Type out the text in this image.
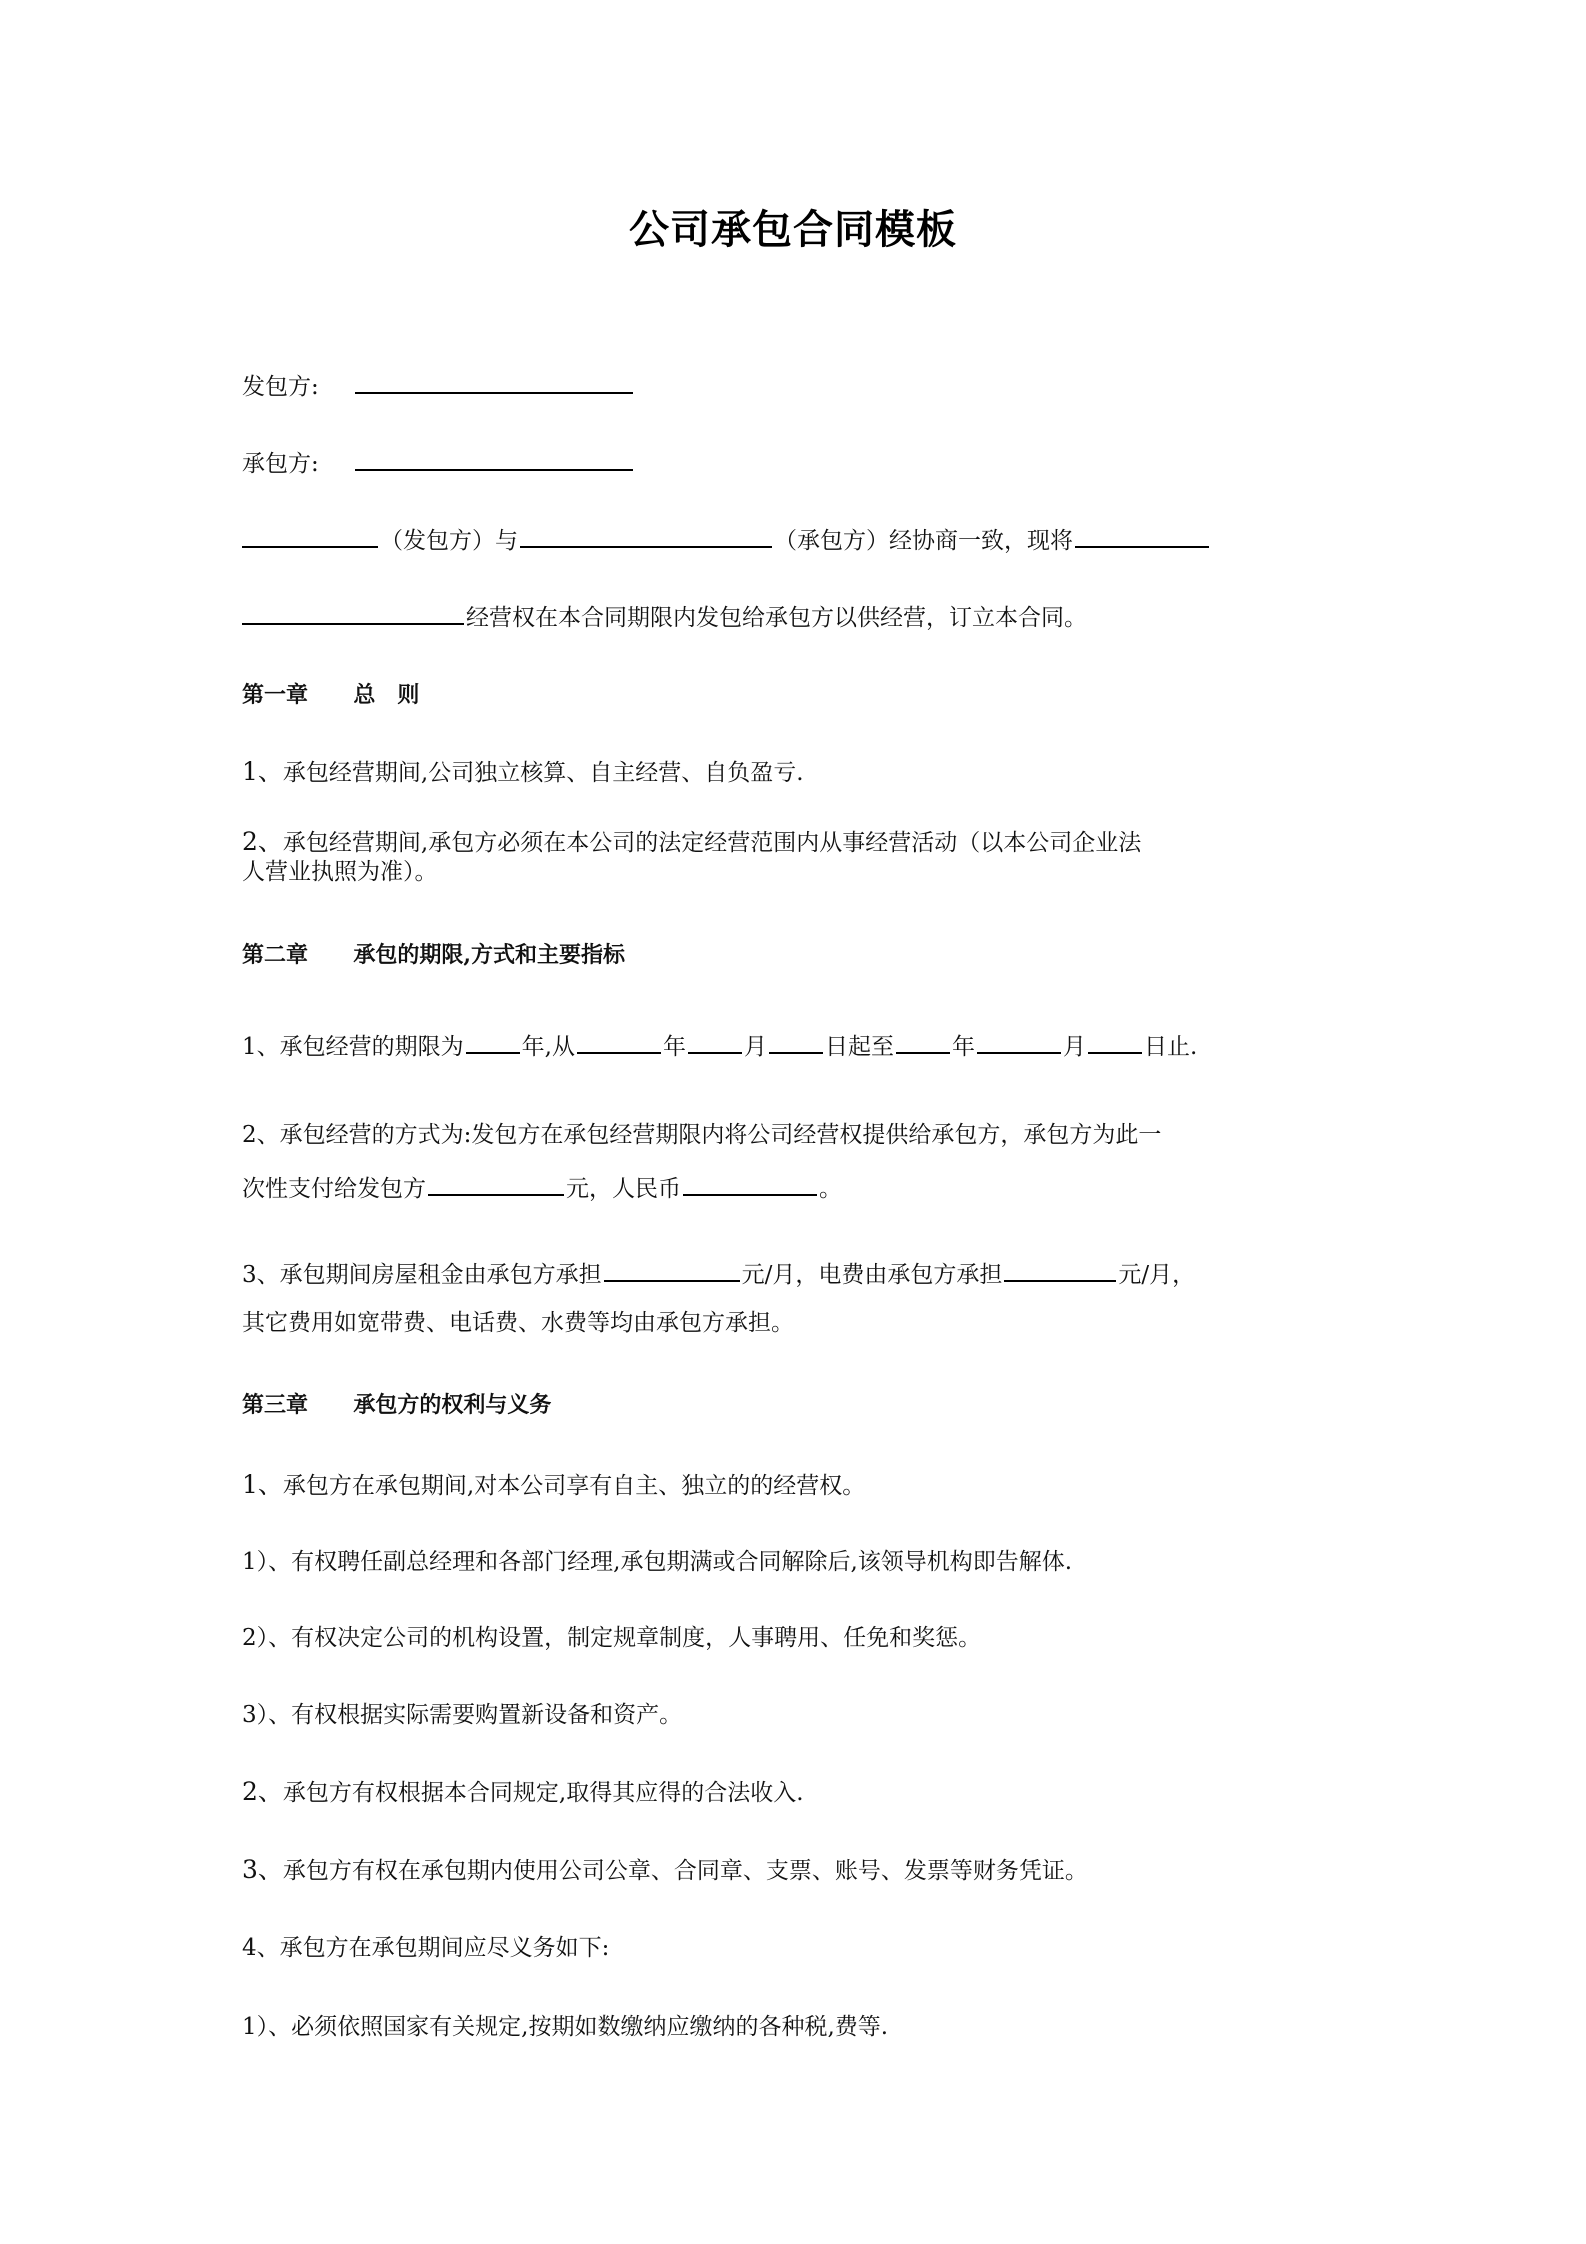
公司承包合同模板
发包方:
承包方:
（发包方）与	（承包方）经协商一致，现将
经营权在本合同期限内发包给承包方以供经营，订立本合同。
第一章 总　则
1、承包经营期间,公司独立核算、自主经营、自负盈亏.
2、承包经营期间,承包方必须在本公司的法定经营范围内从事经营活动（以本公司企业法
人营业执照为准）。
第二章 承包的期限,方式和主要指标
1、承包经营的期限为	年,从	年	月	日起至	年	月	日止.
2、承包经营的方式为:发包方在承包经营期限内将公司经营权提供给承包方，承包方为此一
次性支付给发包方	元，人民币	。
3、承包期间房屋租金由承包方承担	元/月，电费由承包方承担	元/月，
其它费用如宽带费、电话费、水费等均由承包方承担。
第三章 承包方的权利与义务
1、承包方在承包期间,对本公司享有自主、独立的的经营权。
1）、有权聘任副总经理和各部门经理,承包期满或合同解除后,该领导机构即告解体.
2）、有权决定公司的机构设置，制定规章制度，人事聘用、任免和奖惩。
3）、有权根据实际需要购置新设备和资产。
2、承包方有权根据本合同规定,取得其应得的合法收入.
3、承包方有权在承包期内使用公司公章、合同章、支票、账号、发票等财务凭证。
4、承包方在承包期间应尽义务如下:
1）、必须依照国家有关规定,按期如数缴纳应缴纳的各种税,费等.
